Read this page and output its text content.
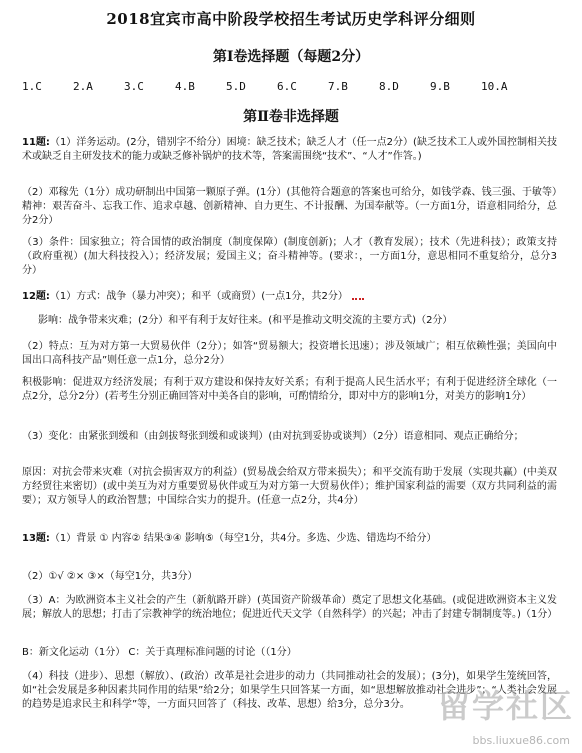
2018宜宾市高中阶段学校招生考试历史学科评分细则
第Ⅰ卷选择题（每题2分）
1.C	2.A	3.C	4.B	5.D	6.C	7.B	8.D	9.B	10.A
第Ⅱ卷非选择题
11题:（1）洋务运动。(2分，错别字不给分）困境：缺乏技术；缺乏人才（任一点2分）(缺乏技术工人或外国控制相关技术或缺乏自主研发技术的能力或缺乏修补锅炉的技术等，答案需围绕“技术”、“人才”作答。)
（2）邓稼先（1分）成功研制出中国第一颗原子弹。(1分）(其他符合题意的答案也可给分，如钱学森、钱三强、于敏等）精神：艰苦奋斗、忘我工作、追求卓越、创新精神、自力更生、不计报酬、为国奉献等。（一方面1分，语意相同给分，总分2分）
（3）条件：国家独立；符合国情的政治制度（制度保障）(制度创新)；人才（教育发展）；技术（先进科技）；政策支持（政府重视）(加大科技投入）；经济发展；爱国主义；奋斗精神等。(要求：，一方面1分，意思相同不重复给分，总分3分）
12题:（1）方式：战争（暴力冲突）；和平（或商贸）(一点1分，共2分）
影响：战争带来灾难；(2分）和平有利于友好往来。(和平是推动文明交流的主要方式)（2分）
（2）特点：互为对方第一大贸易伙伴（2分）；如答“贸易额大；投资增长迅速）；涉及领域广；相互依赖性强；美国向中国出口高科技产品”则任意一点1分，总分2分）
积极影响：促进双方经济发展；有利于双方建设和保持友好关系；有利于提高人民生活水平；有利于促进经济全球化（一点2分，总分2分）(若考生分别正确回答对中美各自的影响，可酌情给分，即对中方的影响1分，对美方的影响1分）
（3）变化：由紧张到缓和（由剑拔弩张到缓和或谈判）(由对抗到妥协或谈判）（2分）语意相同、观点正确给分；
原因：对抗会带来灾难（对抗会损害双方的利益）(贸易战会给双方带来损失）；和平交流有助于发展（实现共赢）(中美双方经贸往来密切）(或中美互为对方重要贸易伙伴或互为对方第一大贸易伙伴）；维护国家利益的需要（双方共同利益的需要）；双方领导人的政治智慧；中国综合实力的提升。(任意一点2分，共4分）
13题:（1）背景 ① 内容② 结果③④ 影响⑤（每空1分，共4分。多选、少选、错选均不给分）
（2）①√ ②× ③×（每空1分，共3分）
（3）A：为欧洲资本主义社会的产生（新航路开辟）(英国资产阶级革命）奠定了思想文化基础。(或促进欧洲资本主义发展；解放人的思想；打击了宗教神学的统治地位；促进近代天文学（自然科学）的兴起；冲击了封建专制制度等。)（1分）
B：新文化运动（1分） C：关于真理标准问题的讨论（（1分）
（4）科技（进步）、思想（解放）、(政治）改革是社会进步的动力（共同推动社会的发展）；(3分)，如果学生笼统回答，如“社会发展是多种因素共同作用的结果”给2分；如果学生只回答某一方面，如“思想解放推动社会进步”；“人类社会发展的趋势是追求民主和科学”等，一方面只回答了（科技、改革、思想）给3分，总分3分。 留学社区
bbs.liuxue86.com
